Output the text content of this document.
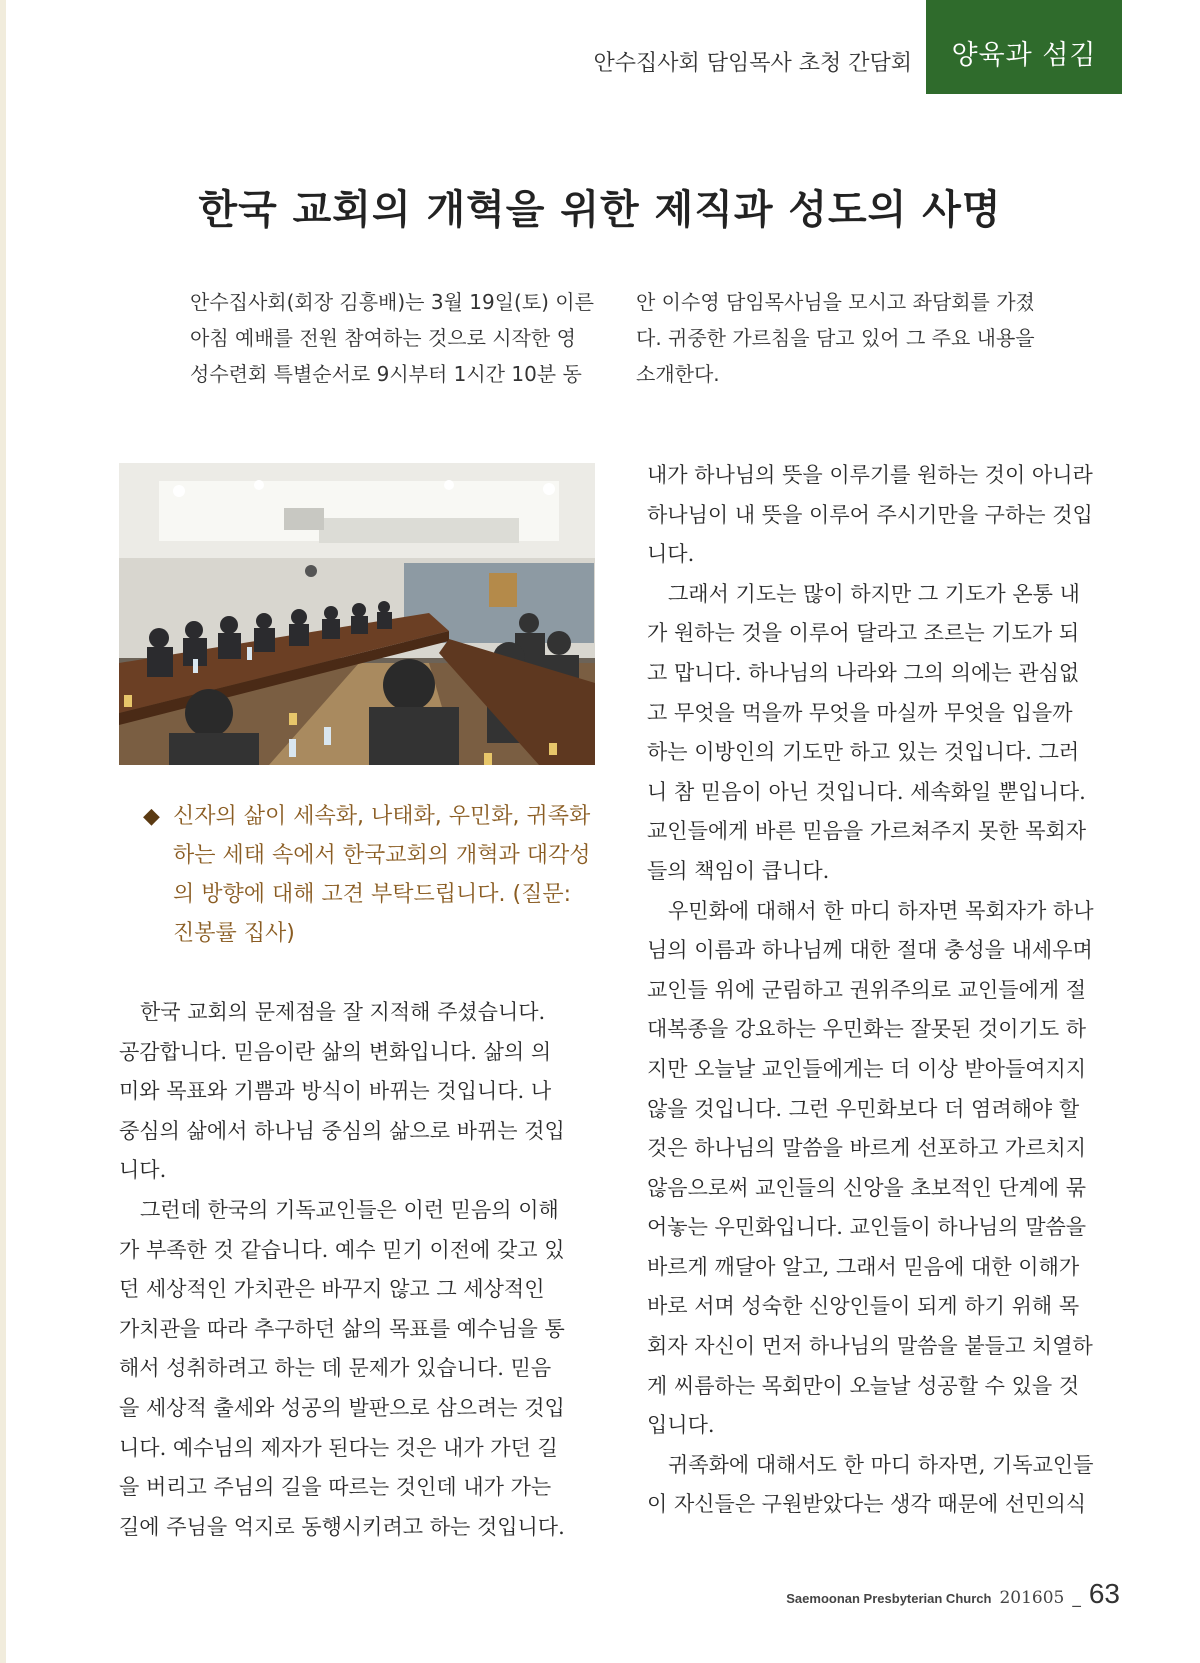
안수집사회 담임목사 초청 간담회	양육과 섬김
한국 교회의 개혁을 위한 제직과 성도의 사명

안수집사회(회장 김흥배)는 3월 19일(토) 이른

아침 예배를 전원 참여하는 것으로 시작한 영

성수련회 특별순서로 9시부터 1시간 10분 동

안 이수영 담임목사님을 모시고 좌담회를 가졌

다. 귀중한 가르침을 담고 있어 그 주요 내용을

소개한다.

◆ 신자의 삶이 세속화, 나태화, 우민화, 귀족화
하는 세태 속에서 한국교회의 개혁과 대각성
의 방향에 대해 고견 부탁드립니다. (질문:
진봉률 집사)

한국 교회의 문제점을 잘 지적해 주셨습니다.

공감합니다. 믿음이란 삶의 변화입니다. 삶의 의

미와 목표와 기쁨과 방식이 바뀌는 것입니다. 나

중심의 삶에서 하나님 중심의 삶으로 바뀌는 것입

니다.

그런데 한국의 기독교인들은 이런 믿음의 이해

가 부족한 것 같습니다. 예수 믿기 이전에 갖고 있

던 세상적인 가치관은 바꾸지 않고 그 세상적인

가치관을 따라 추구하던 삶의 목표를 예수님을 통

해서 성취하려고 하는 데 문제가 있습니다. 믿음

을 세상적 출세와 성공의 발판으로 삼으려는 것입

니다. 예수님의 제자가 된다는 것은 내가 가던 길

을 버리고 주님의 길을 따르는 것인데 내가 가는

길에 주님을 억지로 동행시키려고 하는 것입니다.

내가 하나님의 뜻을 이루기를 원하는 것이 아니라

하나님이 내 뜻을 이루어 주시기만을 구하는 것입

니다.

그래서 기도는 많이 하지만 그 기도가 온통 내

가 원하는 것을 이루어 달라고 조르는 기도가 되

고 맙니다. 하나님의 나라와 그의 의에는 관심없

고 무엇을 먹을까 무엇을 마실까 무엇을 입을까

하는 이방인의 기도만 하고 있는 것입니다. 그러

니 참 믿음이 아닌 것입니다. 세속화일 뿐입니다.

교인들에게 바른 믿음을 가르쳐주지 못한 목회자

들의 책임이 큽니다.

우민화에 대해서 한 마디 하자면 목회자가 하나

님의 이름과 하나님께 대한 절대 충성을 내세우며

교인들 위에 군림하고 권위주의로 교인들에게 절

대복종을 강요하는 우민화는 잘못된 것이기도 하

지만 오늘날 교인들에게는 더 이상 받아들여지지

않을 것입니다. 그런 우민화보다 더 염려해야 할

것은 하나님의 말씀을 바르게 선포하고 가르치지

않음으로써 교인들의 신앙을 초보적인 단계에 묶

어놓는 우민화입니다. 교인들이 하나님의 말씀을

바르게 깨달아 알고, 그래서 믿음에 대한 이해가

바로 서며 성숙한 신앙인들이 되게 하기 위해 목

회자 자신이 먼저 하나님의 말씀을 붙들고 치열하

게 씨름하는 목회만이 오늘날 성공할 수 있을 것

입니다.

귀족화에 대해서도 한 마디 하자면, 기독교인들

이 자신들은 구원받았다는 생각 때문에 선민의식

Saemoonan Presbyterian Church 201605 _ 63
